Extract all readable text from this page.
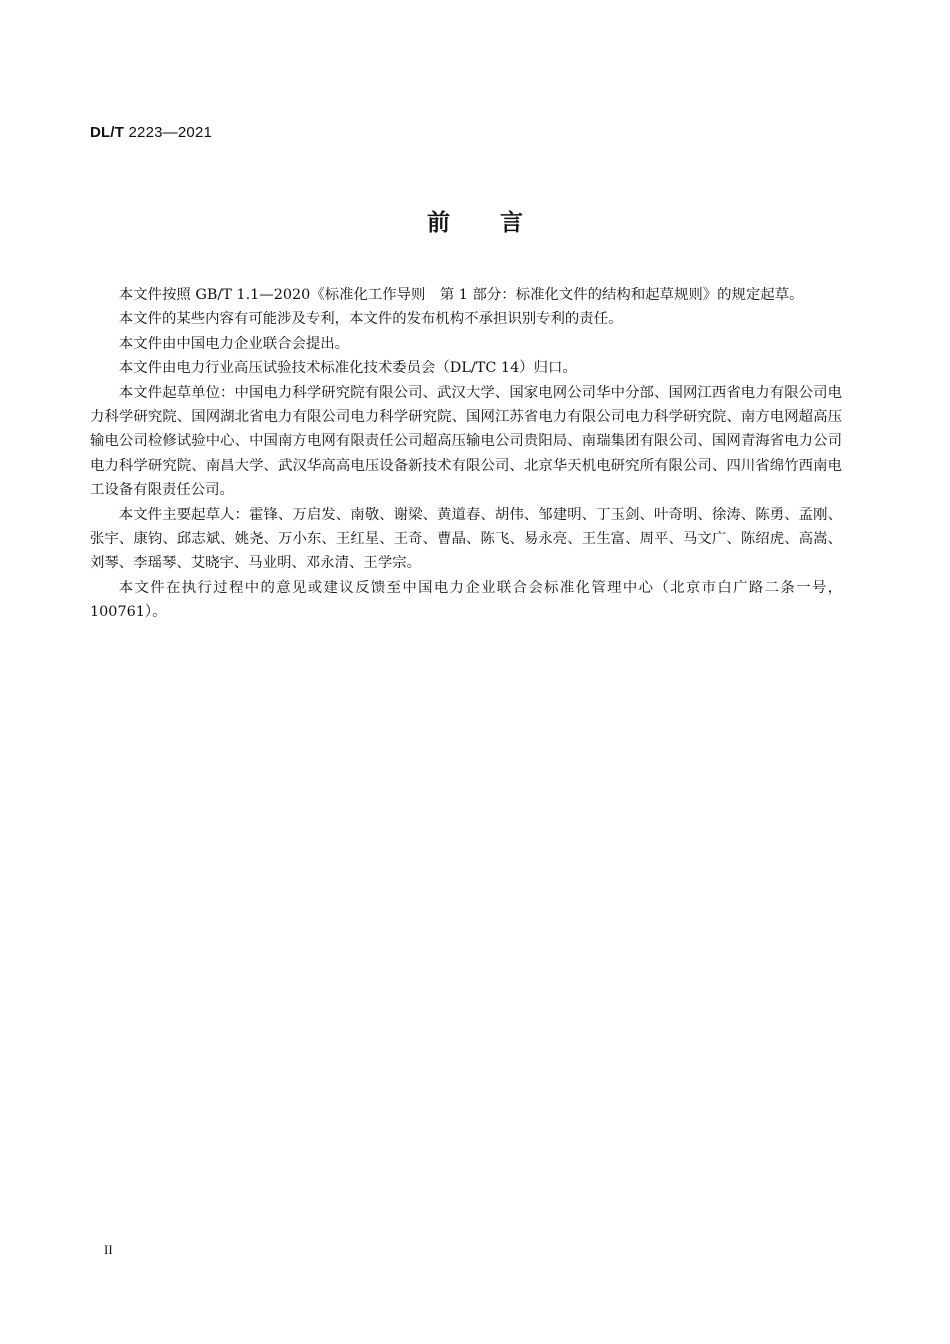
DL/T 2223—2021
前 言

本文件按照 GB/T 1.1—2020《标准化工作导则　第 1 部分：标准化文件的结构和起草规则》的规定起草。

本文件的某些内容有可能涉及专利，本文件的发布机构不承担识别专利的责任。

本文件由中国电力企业联合会提出。

本文件由电力行业高压试验技术标准化技术委员会（DL/TC 14）归口。

本文件起草单位：中国电力科学研究院有限公司、武汉大学、国家电网公司华中分部、国网江西省电力有限公司电力科学研究院、国网湖北省电力有限公司电力科学研究院、国网江苏省电力有限公司电力科学研究院、南方电网超高压输电公司检修试验中心、中国南方电网有限责任公司超高压输电公司贵阳局、南瑞集团有限公司、国网青海省电力公司电力科学研究院、南昌大学、武汉华高高电压设备新技术有限公司、北京华天机电研究所有限公司、四川省绵竹西南电工设备有限责任公司。

本文件主要起草人：霍锋、万启发、南敬、谢梁、黄道春、胡伟、邹建明、丁玉剑、叶奇明、徐涛、陈勇、孟刚、张宇、康钧、邱志斌、姚尧、万小东、王红星、王奇、曹晶、陈飞、易永亮、王生富、周平、马文广、陈绍虎、高嵩、刘琴、李瑶琴、艾晓宇、马业明、邓永清、王学宗。

本文件在执行过程中的意见或建议反馈至中国电力企业联合会标准化管理中心（北京市白广路二条一号，100761）。

II
